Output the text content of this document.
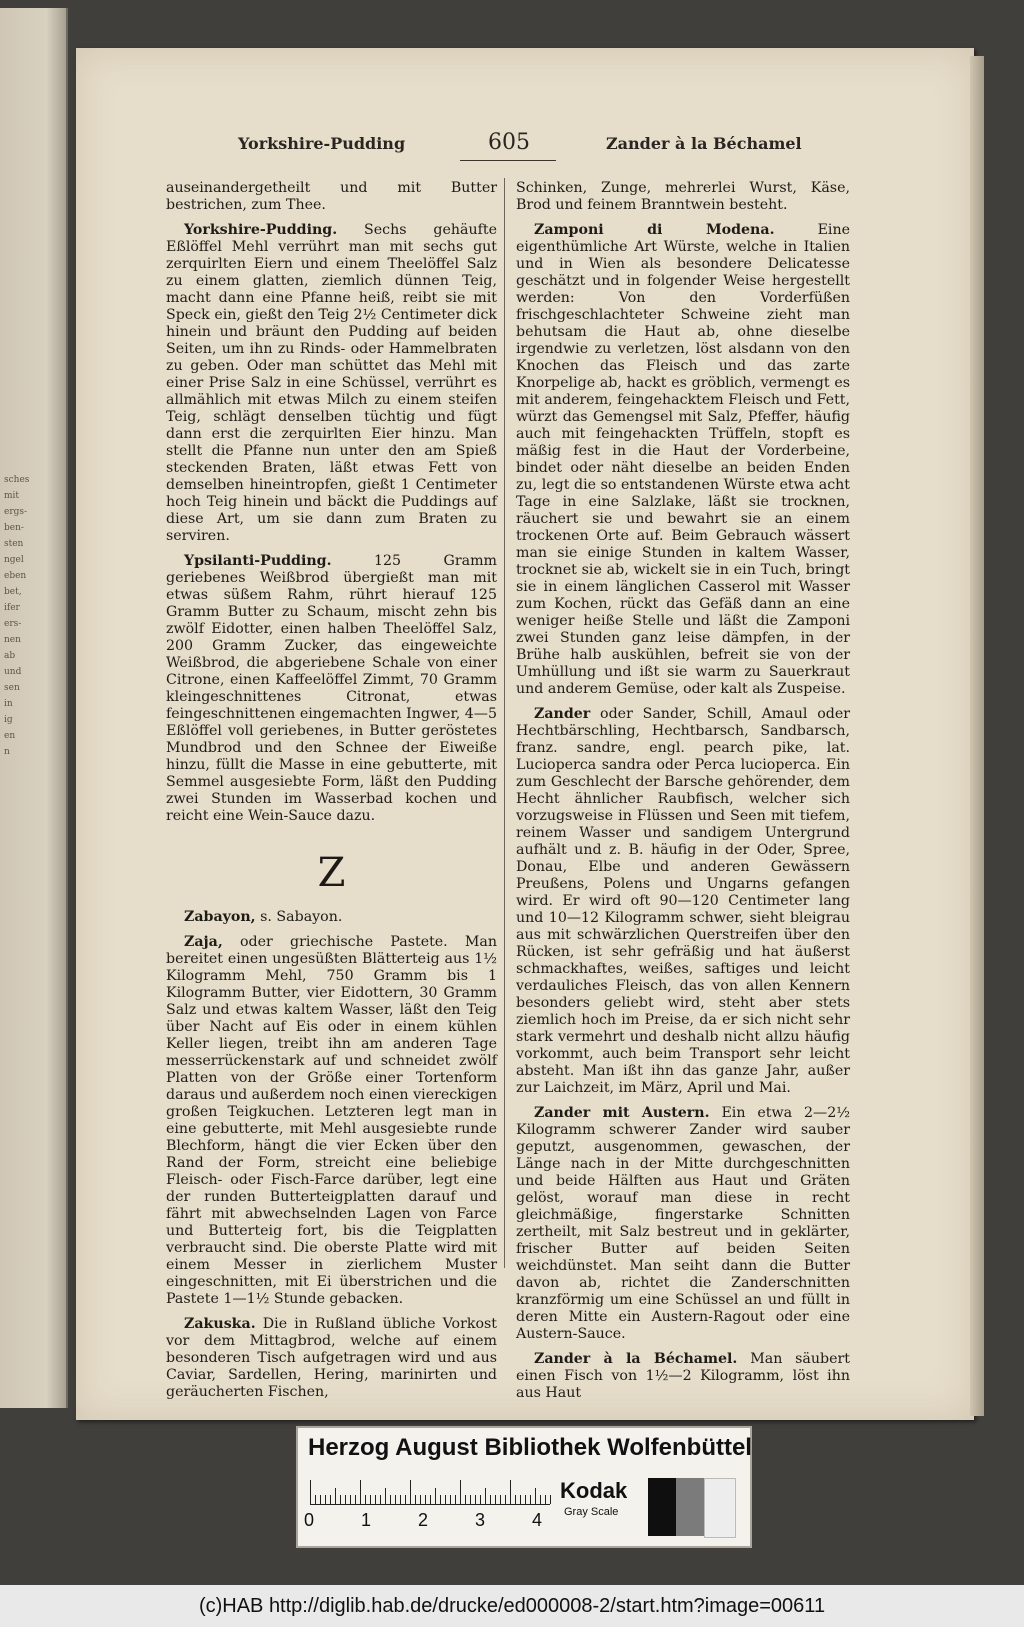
sches
mit
ergs-
ben-
sten
ngel
eben
bet,
ifer
ers-
nen
ab
und
sen
in
ig
en
n
Yorkshire-Pudding	605	Zander à la Béchamel

auseinandergetheilt und mit Butter bestrichen, zum Thee.

Yorkshire-Pudding. Sechs gehäufte Eßlöffel Mehl verrührt man mit sechs gut zerquirlten Eiern und einem Theelöffel Salz zu einem glatten, ziemlich dünnen Teig, macht dann eine Pfanne heiß, reibt sie mit Speck ein, gießt den Teig 2½ Centimeter dick hinein und bräunt den Pudding auf beiden Seiten, um ihn zu Rinds- oder Hammelbraten zu geben. Oder man schüttet das Mehl mit einer Prise Salz in eine Schüssel, verrührt es allmählich mit etwas Milch zu einem steifen Teig, schlägt denselben tüchtig und fügt dann erst die zerquirlten Eier hinzu. Man stellt die Pfanne nun unter den am Spieß steckenden Braten, läßt etwas Fett von demselben hineintropfen, gießt 1 Centimeter hoch Teig hinein und bäckt die Puddings auf diese Art, um sie dann zum Braten zu serviren.

Ypsilanti-Pudding. 125 Gramm geriebenes Weißbrod übergießt man mit etwas süßem Rahm, rührt hierauf 125 Gramm Butter zu Schaum, mischt zehn bis zwölf Eidotter, einen halben Theelöffel Salz, 200 Gramm Zucker, das eingeweichte Weißbrod, die abgeriebene Schale von einer Citrone, einen Kaffeelöffel Zimmt, 70 Gramm kleingeschnittenes Citronat, etwas feingeschnittenen eingemachten Ingwer, 4—5 Eßlöffel voll geriebenes, in Butter geröstetes Mundbrod und den Schnee der Eiweiße hinzu, füllt die Masse in eine gebutterte, mit Semmel ausgesiebte Form, läßt den Pudding zwei Stunden im Wasserbad kochen und reicht eine Wein-Sauce dazu.

Z

Zabayon, s. Sabayon.

Zaja, oder griechische Pastete. Man bereitet einen ungesüßten Blätterteig aus 1½ Kilogramm Mehl, 750 Gramm bis 1 Kilogramm Butter, vier Eidottern, 30 Gramm Salz und etwas kaltem Wasser, läßt den Teig über Nacht auf Eis oder in einem kühlen Keller liegen, treibt ihn am anderen Tage messerrückenstark auf und schneidet zwölf Platten von der Größe einer Tortenform daraus und außerdem noch einen viereckigen großen Teigkuchen. Letzteren legt man in eine gebutterte, mit Mehl ausgesiebte runde Blechform, hängt die vier Ecken über den Rand der Form, streicht eine beliebige Fleisch- oder Fisch-Farce darüber, legt eine der runden Butterteigplatten darauf und fährt mit abwechselnden Lagen von Farce und Butterteig fort, bis die Teigplatten verbraucht sind. Die oberste Platte wird mit einem Messer in zierlichem Muster eingeschnitten, mit Ei überstrichen und die Pastete 1—1½ Stunde gebacken.

Zakuska. Die in Rußland übliche Vorkost vor dem Mittagbrod, welche auf einem besonderen Tisch aufgetragen wird und aus Caviar, Sardellen, Hering, marinirten und geräucherten Fischen,

Schinken, Zunge, mehrerlei Wurst, Käse, Brod und feinem Branntwein besteht.

Zamponi di Modena. Eine eigenthümliche Art Würste, welche in Italien und in Wien als besondere Delicatesse geschätzt und in folgender Weise hergestellt werden: Von den Vorderfüßen frischgeschlachteter Schweine zieht man behutsam die Haut ab, ohne dieselbe irgendwie zu verletzen, löst alsdann von den Knochen das Fleisch und das zarte Knorpelige ab, hackt es gröblich, vermengt es mit anderem, feingehacktem Fleisch und Fett, würzt das Gemengsel mit Salz, Pfeffer, häufig auch mit feingehackten Trüffeln, stopft es mäßig fest in die Haut der Vorderbeine, bindet oder näht dieselbe an beiden Enden zu, legt die so entstandenen Würste etwa acht Tage in eine Salzlake, läßt sie trocknen, räuchert sie und bewahrt sie an einem trockenen Orte auf. Beim Gebrauch wässert man sie einige Stunden in kaltem Wasser, trocknet sie ab, wickelt sie in ein Tuch, bringt sie in einem länglichen Casserol mit Wasser zum Kochen, rückt das Gefäß dann an eine weniger heiße Stelle und läßt die Zamponi zwei Stunden ganz leise dämpfen, in der Brühe halb auskühlen, befreit sie von der Umhüllung und ißt sie warm zu Sauerkraut und anderem Gemüse, oder kalt als Zuspeise.

Zander oder Sander, Schill, Amaul oder Hechtbärschling, Hechtbarsch, Sandbarsch, franz. sandre, engl. pearch pike, lat. Lucioperca sandra oder Perca lucioperca. Ein zum Geschlecht der Barsche gehörender, dem Hecht ähnlicher Raubfisch, welcher sich vorzugsweise in Flüssen und Seen mit tiefem, reinem Wasser und sandigem Untergrund aufhält und z. B. häufig in der Oder, Spree, Donau, Elbe und anderen Gewässern Preußens, Polens und Ungarns gefangen wird. Er wird oft 90—120 Centimeter lang und 10—12 Kilogramm schwer, sieht bleigrau aus mit schwärzlichen Querstreifen über den Rücken, ist sehr gefräßig und hat äußerst schmackhaftes, weißes, saftiges und leicht verdauliches Fleisch, das von allen Kennern besonders geliebt wird, steht aber stets ziemlich hoch im Preise, da er sich nicht sehr stark vermehrt und deshalb nicht allzu häufig vorkommt, auch beim Transport sehr leicht absteht. Man ißt ihn das ganze Jahr, außer zur Laichzeit, im März, April und Mai.

Zander mit Austern. Ein etwa 2—2½ Kilogramm schwerer Zander wird sauber geputzt, ausgenommen, gewaschen, der Länge nach in der Mitte durchgeschnitten und beide Hälften aus Haut und Gräten gelöst, worauf man diese in recht gleichmäßige, fingerstarke Schnitten zertheilt, mit Salz bestreut und in geklärter, frischer Butter auf beiden Seiten weichdünstet. Man seiht dann die Butter davon ab, richtet die Zanderschnitten kranzförmig um eine Schüssel an und füllt in deren Mitte ein Austern-Ragout oder eine Austern-Sauce.

Zander à la Béchamel. Man säubert einen Fisch von 1½—2 Kilogramm, löst ihn aus Haut

Herzog August Bibliothek Wolfenbüttel
0	1	2	3	4
Kodak
Gray Scale
(c)HAB http://diglib.hab.de/drucke/ed000008-2/start.htm?image=00611
